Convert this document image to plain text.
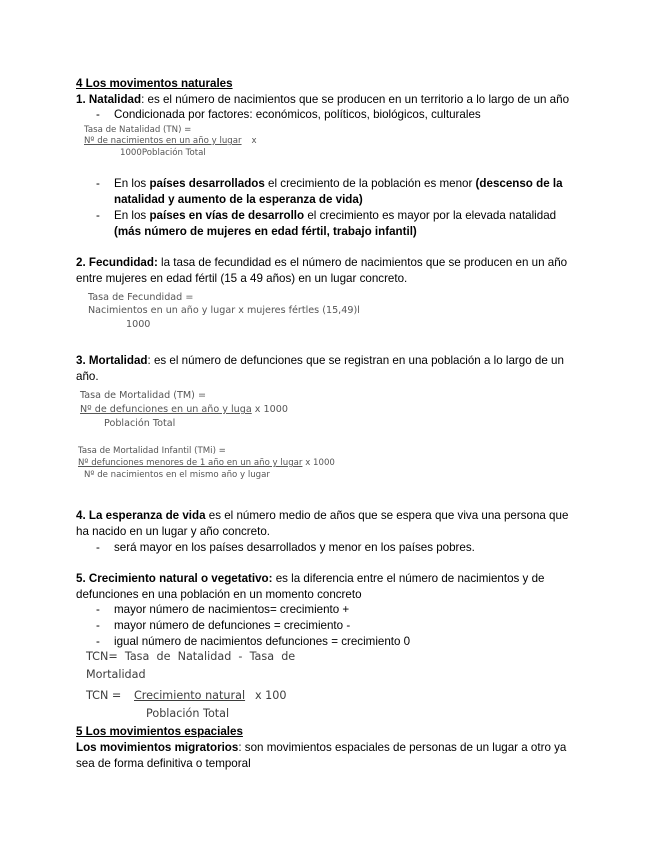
4 Los movimentos naturales
1. Natalidad: es el número de nacimientos que se producen en un territorio a lo largo de un año
- Condicionada por factores: económicos, políticos, biológicos, culturales
Tasa de Natalidad (TN) =
Nº de nacimientos en un año y lugar x
1000Población Total
- En los países desarrollados el crecimiento de la población es menor (descenso de la
natalidad y aumento de la esperanza de vida)
- En los países en vías de desarrollo el crecimiento es mayor por la elevada natalidad
(más número de mujeres en edad fértil, trabajo infantil)
2. Fecundidad: la tasa de fecundidad es el número de nacimientos que se producen en un año
entre mujeres en edad fértil (15 a 49 años) en un lugar concreto.
Tasa de Fecundidad =
Nacimientos en un año y lugar x mujeres fértles (15,49)l
1000
3. Mortalidad: es el número de defunciones que se registran en una población a lo largo de un
año.
Tasa de Mortalidad (TM) =
Nº de defunciones en un año y luga x 1000
Población Total
Tasa de Mortalidad Infantil (TMi) =
Nº defunciones menores de 1 año en un año y lugar x 1000
Nº de nacimientos en el mismo año y lugar
4. La esperanza de vida es el número medio de años que se espera que viva una persona que
ha nacido en un lugar y año concreto.
- será mayor en los países desarrollados y menor en los países pobres.
5. Crecimiento natural o vegetativo: es la diferencia entre el número de nacimientos y de
defunciones en una población en un momento concreto
- mayor número de nacimientos= crecimiento +
- mayor número de defunciones = crecimiento -
- igual número de nacimientos defunciones = crecimiento 0
TCN=  Tasa  de  Natalidad  -  Tasa  de
Mortalidad
TCN = Crecimiento natural x 100
Población Total
5 Los movimientos espaciales
Los movimientos migratorios: son movimientos espaciales de personas de un lugar a otro ya
sea de forma definitiva o temporal
